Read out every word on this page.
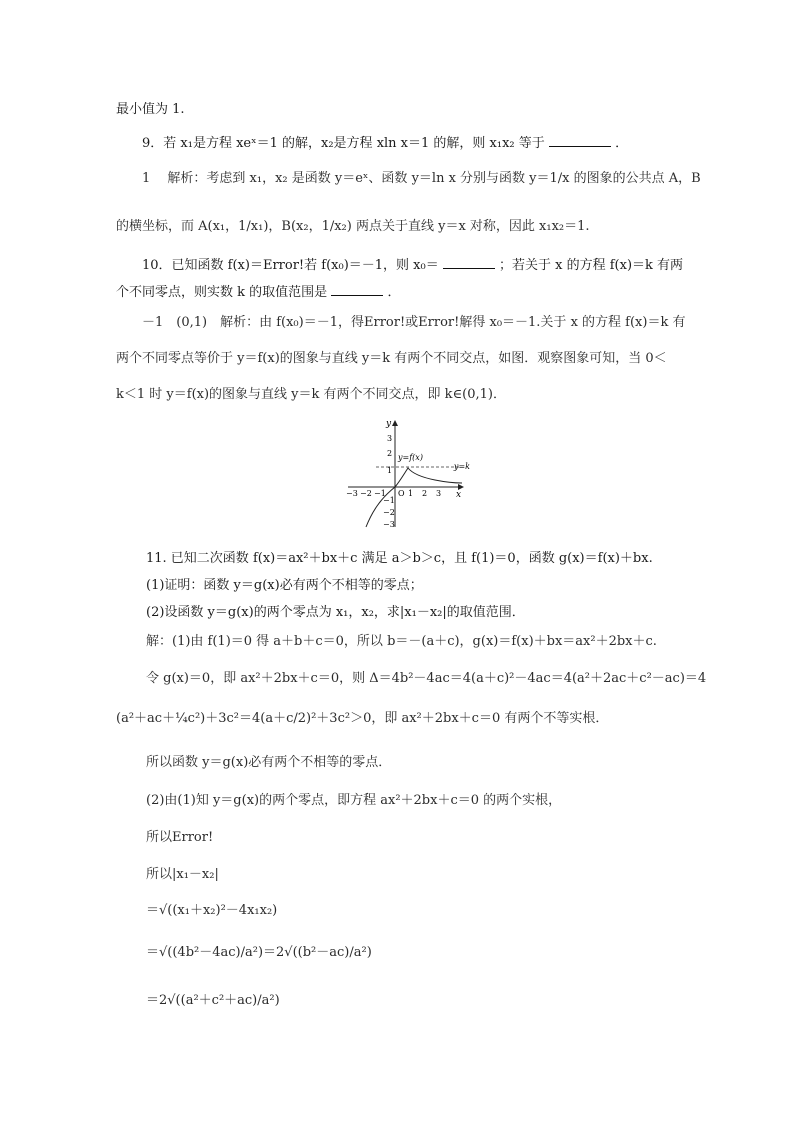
最小值为 1.
9．若 x₁是方程 xeˣ＝1 的解，x₂是方程 xln x＝1 的解，则 x₁x₂ 等于	．
1　 解析：考虑到 x₁，x₂ 是函数 y＝eˣ、函数 y＝ln x 分别与函数 y＝1/x 的图象的公共点 A，B
的横坐标，而 A(x₁，1/x₁)，B(x₂，1/x₂) 两点关于直线 y＝x 对称，因此 x₁x₂＝1.
10．已知函数 f(x)＝Error!若 f(x₀)＝－1，则 x₀＝	；若关于 x 的方程 f(x)＝k 有两
个不同零点，则实数 k 的取值范围是	．
－1　(0,1)　解析：由 f(x₀)＝－1，得Error!或Error!解得 x₀＝－1.关于 x 的方程 f(x)＝k 有
两个不同零点等价于 y＝f(x)的图象与直线 y＝k 有两个不同交点，如图．观察图象可知，当 0＜
k＜1 时 y＝f(x)的图象与直线 y＝k 有两个不同交点，即 k∈(0,1)．
y
x
y=f(x)
y=k
O
−3 −2 −1	1 2 3
3
2
1
−1
−2
−3
11. 已知二次函数 f(x)＝ax²＋bx＋c 满足 a＞b＞c，且 f(1)＝0，函数 g(x)＝f(x)＋bx.
(1)证明：函数 y＝g(x)必有两个不相等的零点；
(2)设函数 y＝g(x)的两个零点为 x₁，x₂，求|x₁－x₂|的取值范围．
解：(1)由 f(1)＝0 得 a＋b＋c＝0，所以 b＝－(a＋c)，g(x)＝f(x)＋bx＝ax²＋2bx＋c.
令 g(x)＝0，即 ax²＋2bx＋c＝0，则 Δ＝4b²－4ac＝4(a＋c)²－4ac＝4(a²＋2ac＋c²－ac)＝4
(a²＋ac＋¼c²)＋3c²＝4(a＋c/2)²＋3c²＞0，即 ax²＋2bx＋c＝0 有两个不等实根．
所以函数 y＝g(x)必有两个不相等的零点．
(2)由(1)知 y＝g(x)的两个零点，即方程 ax²＋2bx＋c＝0 的两个实根，
所以Error!
所以|x₁－x₂|
＝√((x₁＋x₂)²－4x₁x₂)
＝√((4b²－4ac)/a²)＝2√((b²－ac)/a²)
＝2√((a²＋c²＋ac)/a²)
